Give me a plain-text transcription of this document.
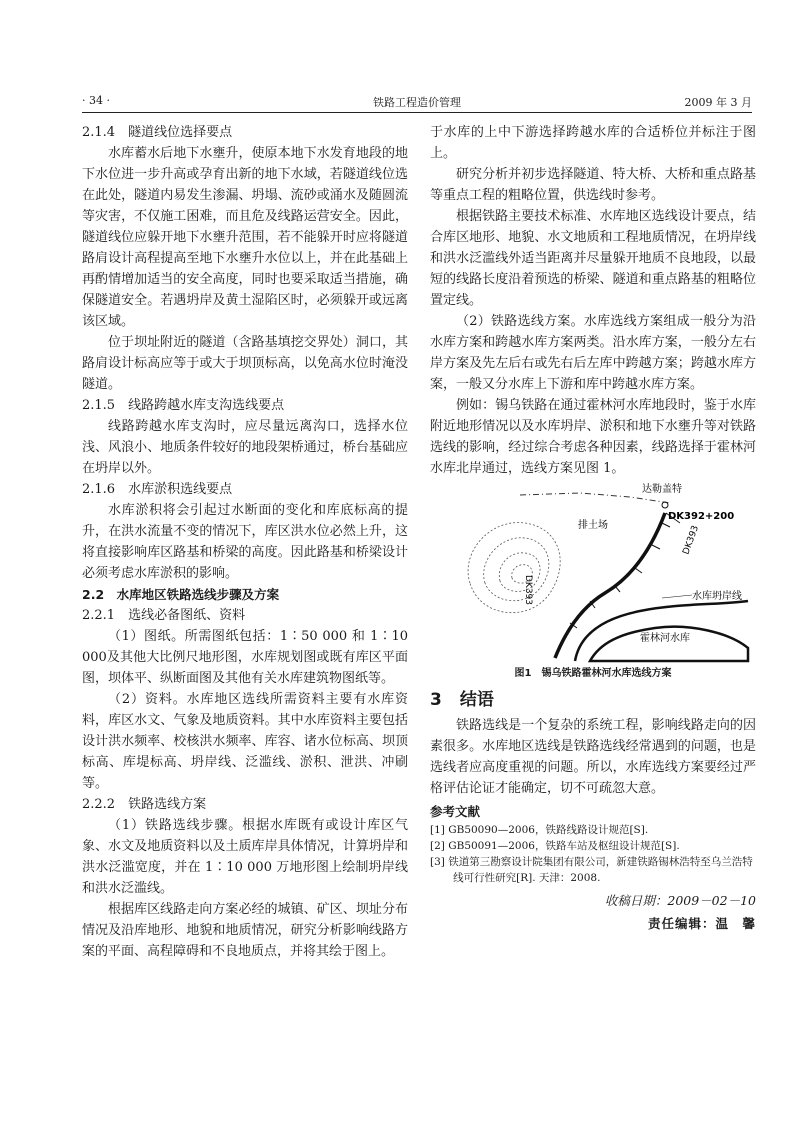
· 34 ·	铁路工程造价管理	2009 年 3 月

2.1.4　隧道线位选择要点

水库蓄水后地下水壅升，使原本地下水发育地段的地下水位进一步升高或孕育出新的地下水域，若隧道线位选在此处，隧道内易发生渗漏、坍塌、流砂或涌水及随圆流等灾害，不仅施工困难，而且危及线路运营安全。因此，隧道线位应躲开地下水壅升范围，若不能躲开时应将隧道路肩设计高程提高至地下水壅升水位以上，并在此基础上再酌情增加适当的安全高度，同时也要采取适当措施，确保隧道安全。若遇坍岸及黄土湿陷区时，必须躲开或远离该区域。

位于坝址附近的隧道（含路基填挖交界处）洞口，其路肩设计标高应等于或大于坝顶标高，以免高水位时淹没隧道。

2.1.5　线路跨越水库支沟选线要点

线路跨越水库支沟时，应尽量远离沟口，选择水位浅、风浪小、地质条件较好的地段架桥通过，桥台基础应在坍岸以外。

2.1.6　水库淤积选线要点

水库淤积将会引起过水断面的变化和库底标高的提升，在洪水流量不变的情况下，库区洪水位必然上升，这将直接影响库区路基和桥梁的高度。因此路基和桥梁设计必须考虑水库淤积的影响。

2.2　水库地区铁路选线步骤及方案

2.2.1　选线必备图纸、资料

（1）图纸。所需图纸包括：1∶50 000 和 1∶10 000及其他大比例尺地形图，水库规划图或既有库区平面图，坝体平、纵断面图及其他有关水库建筑物图纸等。

（2）资料。水库地区选线所需资料主要有水库资料，库区水文、气象及地质资料。其中水库资料主要包括设计洪水频率、校核洪水频率、库容、诸水位标高、坝顶标高、库堤标高、坍岸线、泛滥线、淤积、泄洪、冲刷等。

2.2.2　铁路选线方案

（1）铁路选线步骤。根据水库既有或设计库区气象、水文及地质资料以及土质库岸具体情况，计算坍岸和洪水泛滥宽度，并在 1∶10 000 万地形图上绘制坍岸线和洪水泛滥线。

根据库区线路走向方案必经的城镇、矿区、坝址分布情况及沿库地形、地貌和地质情况，研究分析影响线路方案的平面、高程障碍和不良地质点，并将其绘于图上。

于水库的上中下游选择跨越水库的合适桥位并标注于图上。

研究分析并初步选择隧道、特大桥、大桥和重点路基等重点工程的粗略位置，供选线时参考。

根据铁路主要技术标准、水库地区选线设计要点，结合库区地形、地貌、水文地质和工程地质情况，在坍岸线和洪水泛滥线外适当距离并尽量躲开地质不良地段，以最短的线路长度沿着预选的桥梁、隧道和重点路基的粗略位置定线。

（2）铁路选线方案。水库选线方案组成一般分为沿水库方案和跨越水库方案两类。沿水库方案，一般分左右岸方案及先左后右或先右后左库中跨越方案；跨越水库方案，一般又分水库上下游和库中跨越水库方案。

例如：锡乌铁路在通过霍林河水库地段时，鉴于水库附近地形情况以及水库坍岸、淤积和地下水壅升等对铁路选线的影响，经过综合考虑各种因素，线路选择于霍林河水库北岸通过，选线方案见图 1。

达勒盖特
DK392+200
排土场
DK393
DK393
水库坍岸线
霍林河水库

图1　锡乌铁路霍林河水库选线方案

3 结语

铁路选线是一个复杂的系统工程，影响线路走向的因素很多。水库地区选线是铁路选线经常遇到的问题，也是选线者应高度重视的问题。所以，水库选线方案要经过严格评估论证才能确定，切不可疏忽大意。

参考文献

[1] GB50090—2006，铁路线路设计规范[S].

[2] GB50091—2006，铁路车站及枢纽设计规范[S].

[3] 铁道第三勘察设计院集团有限公司，新建铁路锡林浩特至乌兰浩特线可行性研究[R]. 天津：2008.

收稿日期：2009－02－10

责任编辑：温　馨
